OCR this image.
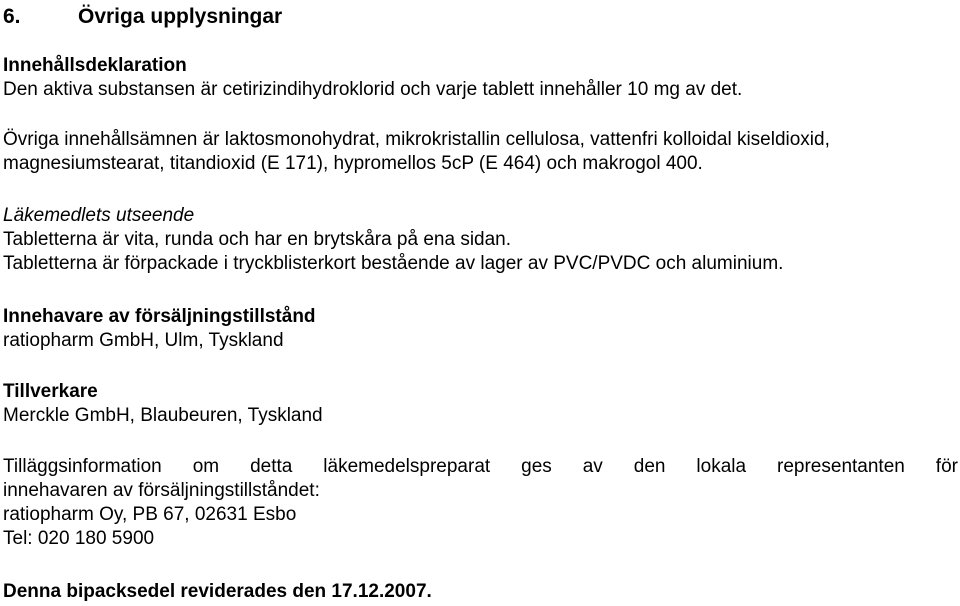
6.	Övriga upplysningar
Innehållsdeklaration
Den aktiva substansen är cetirizindihydroklorid och varje tablett innehåller 10 mg av det.
Övriga innehållsämnen är laktosmonohydrat, mikrokristallin cellulosa, vattenfri kolloidal kiseldioxid,
magnesiumstearat, titandioxid (E 171), hypromellos 5cP (E 464) och makrogol 400.
Läkemedlets utseende
Tabletterna är vita, runda och har en brytskåra på ena sidan.
Tabletterna är förpackade i tryckblisterkort bestående av lager av PVC/PVDC och aluminium.
Innehavare av försäljningstillstånd
ratiopharm GmbH, Ulm, Tyskland
Tillverkare
Merckle GmbH, Blaubeuren, Tyskland
Tilläggsinformation om detta läkemedelspreparat ges av den lokala representanten för
innehavaren av försäljningstillståndet:
ratiopharm Oy, PB 67, 02631 Esbo
Tel: 020 180 5900
Denna bipacksedel reviderades den 17.12.2007.
